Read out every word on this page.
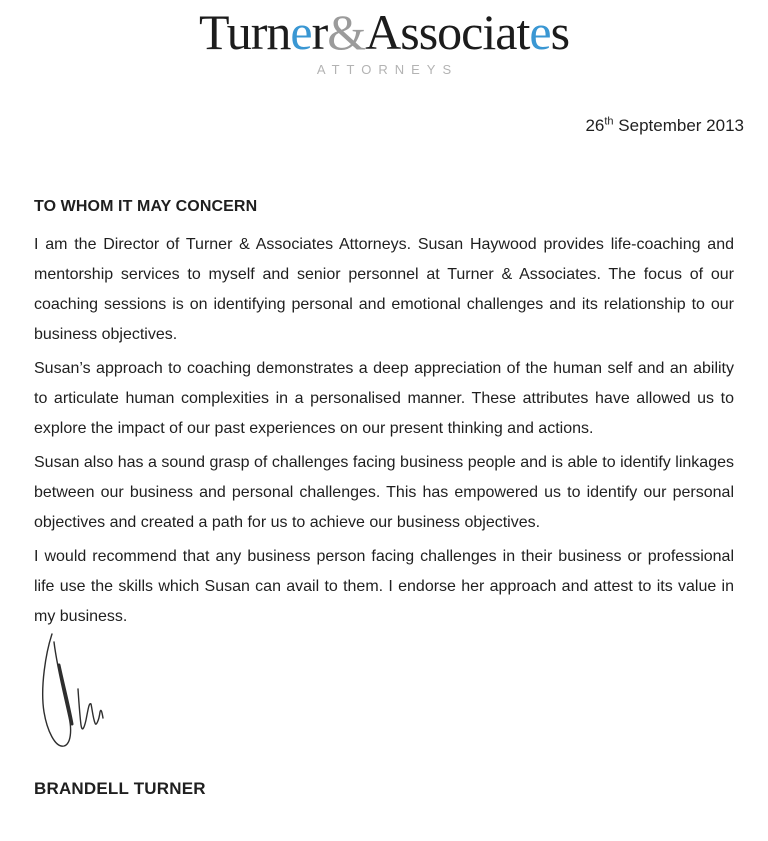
Turner&Associates
ATTORNEYS
26th September 2013
TO WHOM IT MAY CONCERN

I am the Director of Turner & Associates Attorneys. Susan Haywood provides life-coaching and mentorship services to myself and senior personnel at Turner & Associates. The focus of our coaching sessions is on identifying personal and emotional challenges and its relationship to our business objectives.

Susan’s approach to coaching demonstrates a deep appreciation of the human self and an ability to articulate human complexities in a personalised manner. These attributes have allowed us to explore the impact of our past experiences on our present thinking and actions.

Susan also has a sound grasp of challenges facing business people and is able to identify linkages between our business and personal challenges. This has empowered us to identify our personal objectives and created a path for us to achieve our business objectives.

I would recommend that any business person facing challenges in their business or professional life use the skills which Susan can avail to them. I endorse her approach and attest to its value in my business.

BRANDELL TURNER
